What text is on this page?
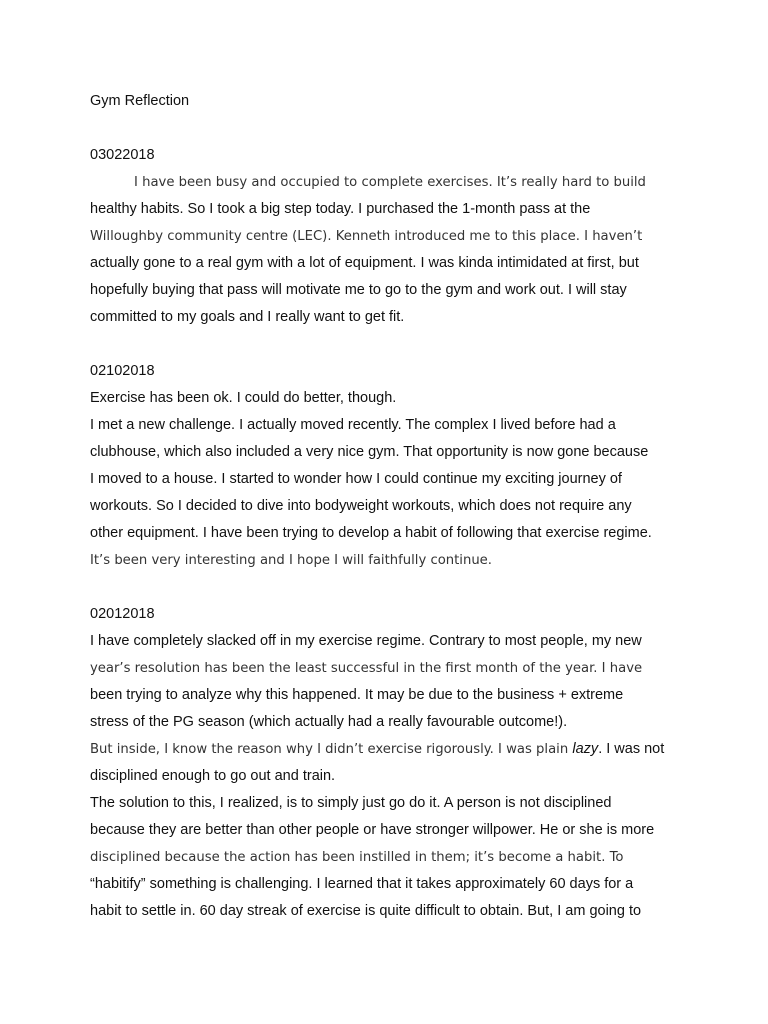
Gym Reflection

03022018

I have been busy and occupied to complete exercises. It’s really hard to build

healthy habits. So I took a big step today. I purchased the 1-month pass at the

Willoughby community centre (LEC). Kenneth introduced me to this place. I haven’t

actually gone to a real gym with a lot of equipment. I was kinda intimidated at first, but

hopefully buying that pass will motivate me to go to the gym and work out. I will stay

committed to my goals and I really want to get fit.

02102018

Exercise has been ok. I could do better, though.

I met a new challenge. I actually moved recently. The complex I lived before had a

clubhouse, which also included a very nice gym. That opportunity is now gone because

I moved to a house. I started to wonder how I could continue my exciting journey of

workouts. So I decided to dive into bodyweight workouts, which does not require any

other equipment. I have been trying to develop a habit of following that exercise regime.

It’s been very interesting and I hope I will faithfully continue.

02012018

I have completely slacked off in my exercise regime. Contrary to most people, my new

year’s resolution has been the least successful in the first month of the year. I have

been trying to analyze why this happened. It may be due to the business + extreme

stress of the PG season (which actually had a really favourable outcome!).

But inside, I know the reason why I didn’t exercise rigorously. I was plain lazy. I was not

disciplined enough to go out and train.

The solution to this, I realized, is to simply just go do it. A person is not disciplined

because they are better than other people or have stronger willpower. He or she is more

disciplined because the action has been instilled in them; it’s become a habit. To

“habitify” something is challenging. I learned that it takes approximately 60 days for a

habit to settle in. 60 day streak of exercise is quite difficult to obtain. But, I am going to
